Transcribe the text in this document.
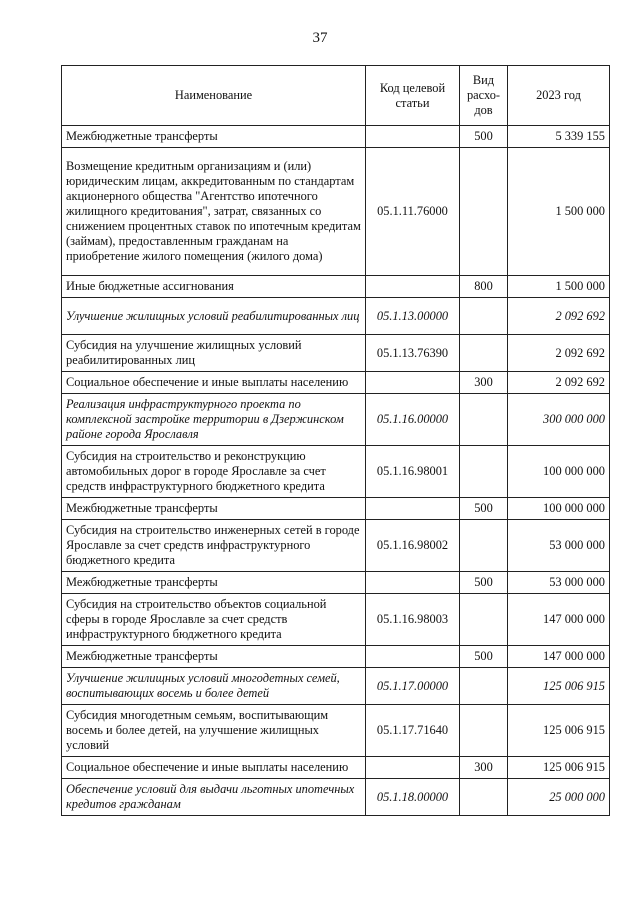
37
Наименование	Код целевой статьи	Вид расхо-дов	2023 год
Межбюджетные трансферты		500	5 339 155
Возмещение кредитным организациям и (или) юридическим лицам, аккредитованным по стандартам акционерного общества "Агентство ипотечного жилищного кредитования", затрат, связанных со снижением процентных ставок по ипотечным кредитам (займам), предоставленным гражданам на приобретение жилого помещения (жилого дома)	05.1.11.76000		1 500 000
Иные бюджетные ассигнования		800	1 500 000
Улучшение жилищных условий реабилитированных лиц	05.1.13.00000		2 092 692
Субсидия на улучшение жилищных условий реабилитированных лиц	05.1.13.76390		2 092 692
Социальное обеспечение и иные выплаты населению		300	2 092 692
Реализация инфраструктурного проекта по комплексной застройке территории в Дзержинском районе города Ярославля	05.1.16.00000		300 000 000
Субсидия на строительство и реконструкцию автомобильных дорог в городе Ярославле за счет средств инфраструктурного бюджетного кредита	05.1.16.98001		100 000 000
Межбюджетные трансферты		500	100 000 000
Субсидия на строительство инженерных сетей в городе Ярославле за счет средств инфраструктурного бюджетного кредита	05.1.16.98002		53 000 000
Межбюджетные трансферты		500	53 000 000
Субсидия на строительство объектов социальной сферы в городе Ярославле за счет средств инфраструктурного бюджетного кредита	05.1.16.98003		147 000 000
Межбюджетные трансферты		500	147 000 000
Улучшение жилищных условий многодетных семей, воспитывающих восемь и более детей	05.1.17.00000		125 006 915
Субсидия многодетным семьям, воспитывающим восемь и более детей, на улучшение жилищных условий	05.1.17.71640		125 006 915
Социальное обеспечение и иные выплаты населению		300	125 006 915
Обеспечение условий для выдачи льготных ипотечных кредитов гражданам	05.1.18.00000		25 000 000
